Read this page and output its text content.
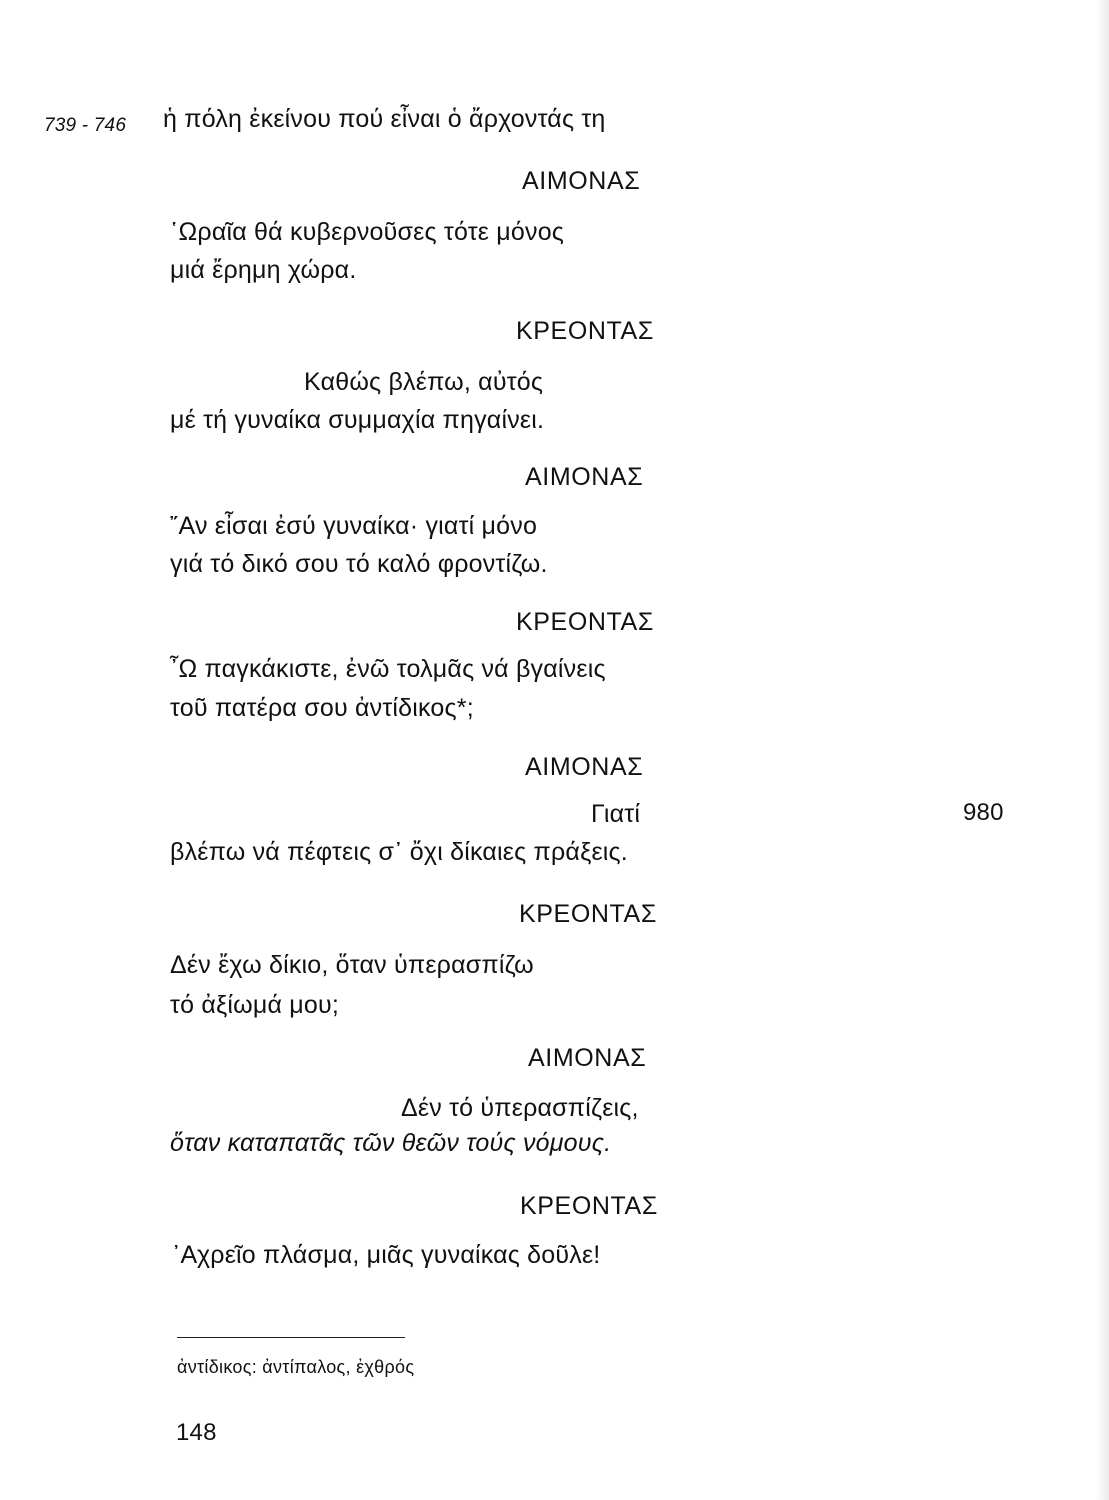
739 - 746 ἡ πόλη ἐκείνου πού εἶναι ὁ ἄρχοντάς τη
ΑΙΜΟΝΑΣ
῾Ωραῖα θά κυβερνοῦσες τότε μόνος
μιά ἔρημη χώρα.
ΚΡΕΟΝΤΑΣ
Καθώς βλέπω, αὐτός
μέ τή γυναίκα συμμαχία πηγαίνει.
ΑΙΜΟΝΑΣ
῎Αν εἶσαι ἐσύ γυναίκα· γιατί μόνο
γιά τό δικό σου τό καλό φροντίζω.
ΚΡΕΟΝΤΑΣ
῏Ω παγκάκιστε, ἐνῶ τολμᾶς νά βγαίνεις
τοῦ πατέρα σου ἀντίδικος*;
ΑΙΜΟΝΑΣ
Γιατί	980
βλέπω νά πέφτεις σ᾿ ὄχι δίκαιες πράξεις.
ΚΡΕΟΝΤΑΣ
Δέν ἔχω δίκιο, ὅταν ὑπερασπίζω
τό ἀξίωμά μου;
ΑΙΜΟΝΑΣ
Δέν τό ὑπερασπίζεις,
ὅταν καταπατᾶς τῶν θεῶν τούς νόμους.
ΚΡΕΟΝΤΑΣ
᾿Αχρεῖο πλάσμα, μιᾶς γυναίκας δοῦλε!
ἀντίδικος: ἀντίπαλος, ἐχθρός
148
